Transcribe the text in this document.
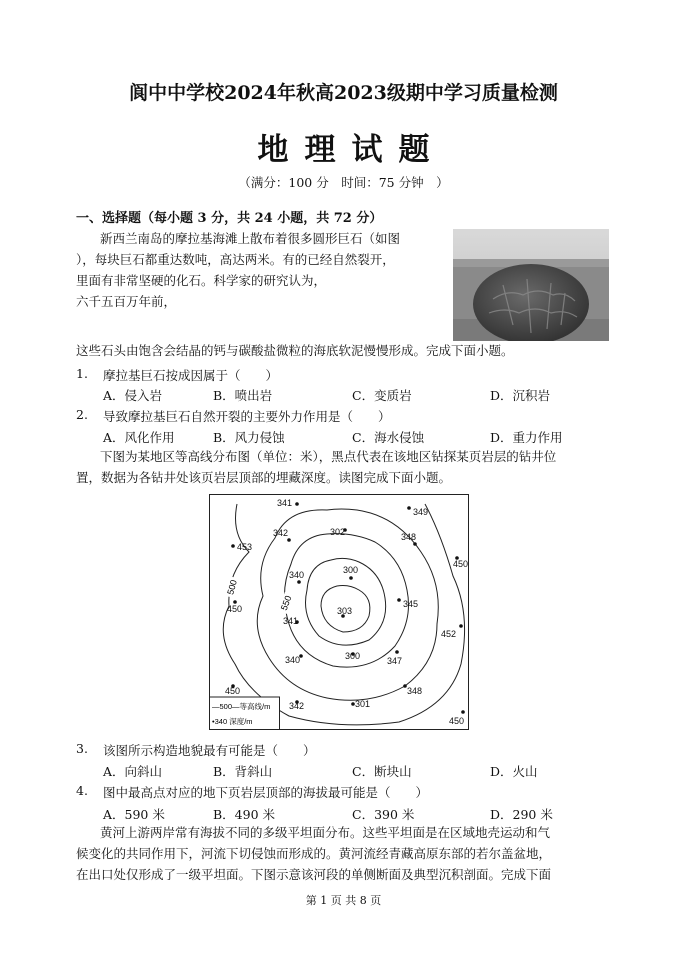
阆中中学校2024年秋高2023级期中学习质量检测
地理试题
（满分：100 分　时间：75 分钟　）
一、选择题（每小题 3 分，共 24 小题，共 72 分）
新西兰南岛的摩拉基海滩上散布着很多圆形巨石（如图
），每块巨石都重达数吨，高达两米。有的已经自然裂开，
里面有非常坚硬的化石。科学家的研究认为，
六千五百万年前，
这些石头由饱含会结晶的钙与碳酸盐微粒的海底软泥慢慢形成。完成下面小题。
1. 摩拉基巨石按成因属于（　　）
A．侵入岩	B．喷出岩	C．变质岩	D．沉积岩
2. 导致摩拉基巨石自然开裂的主要外力作用是（　　）
A．风化作用	B．风力侵蚀	C．海水侵蚀	D．重力作用
下图为某地区等高线分布图（单位：米），黑点代表在该地区钻探某页岩层的钻井位
置，数据为各钻井处该页岩层顶部的埋藏深度。读图完成下面小题。
500
550
341
349
302
342	348
453
450
300
340
450	345
303
341
452
300	347
340
348
450
342	301
450
—500—等高线/m
•340 深度/m
3. 该图所示构造地貌最有可能是（　　）
A．向斜山	B．背斜山	C．断块山	D．火山
4. 图中最高点对应的地下页岩层顶部的海拔最可能是（　　）
A．590 米	B．490 米	C．390 米	D．290 米
黄河上游两岸常有海拔不同的多级平坦面分布。这些平坦面是在区域地壳运动和气
候变化的共同作用下，河流下切侵蚀而形成的。黄河流经青藏高原东部的若尔盖盆地，
在出口处仅形成了一级平坦面。下图示意该河段的单侧断面及典型沉积剖面。完成下面
第 1 页 共 8 页
